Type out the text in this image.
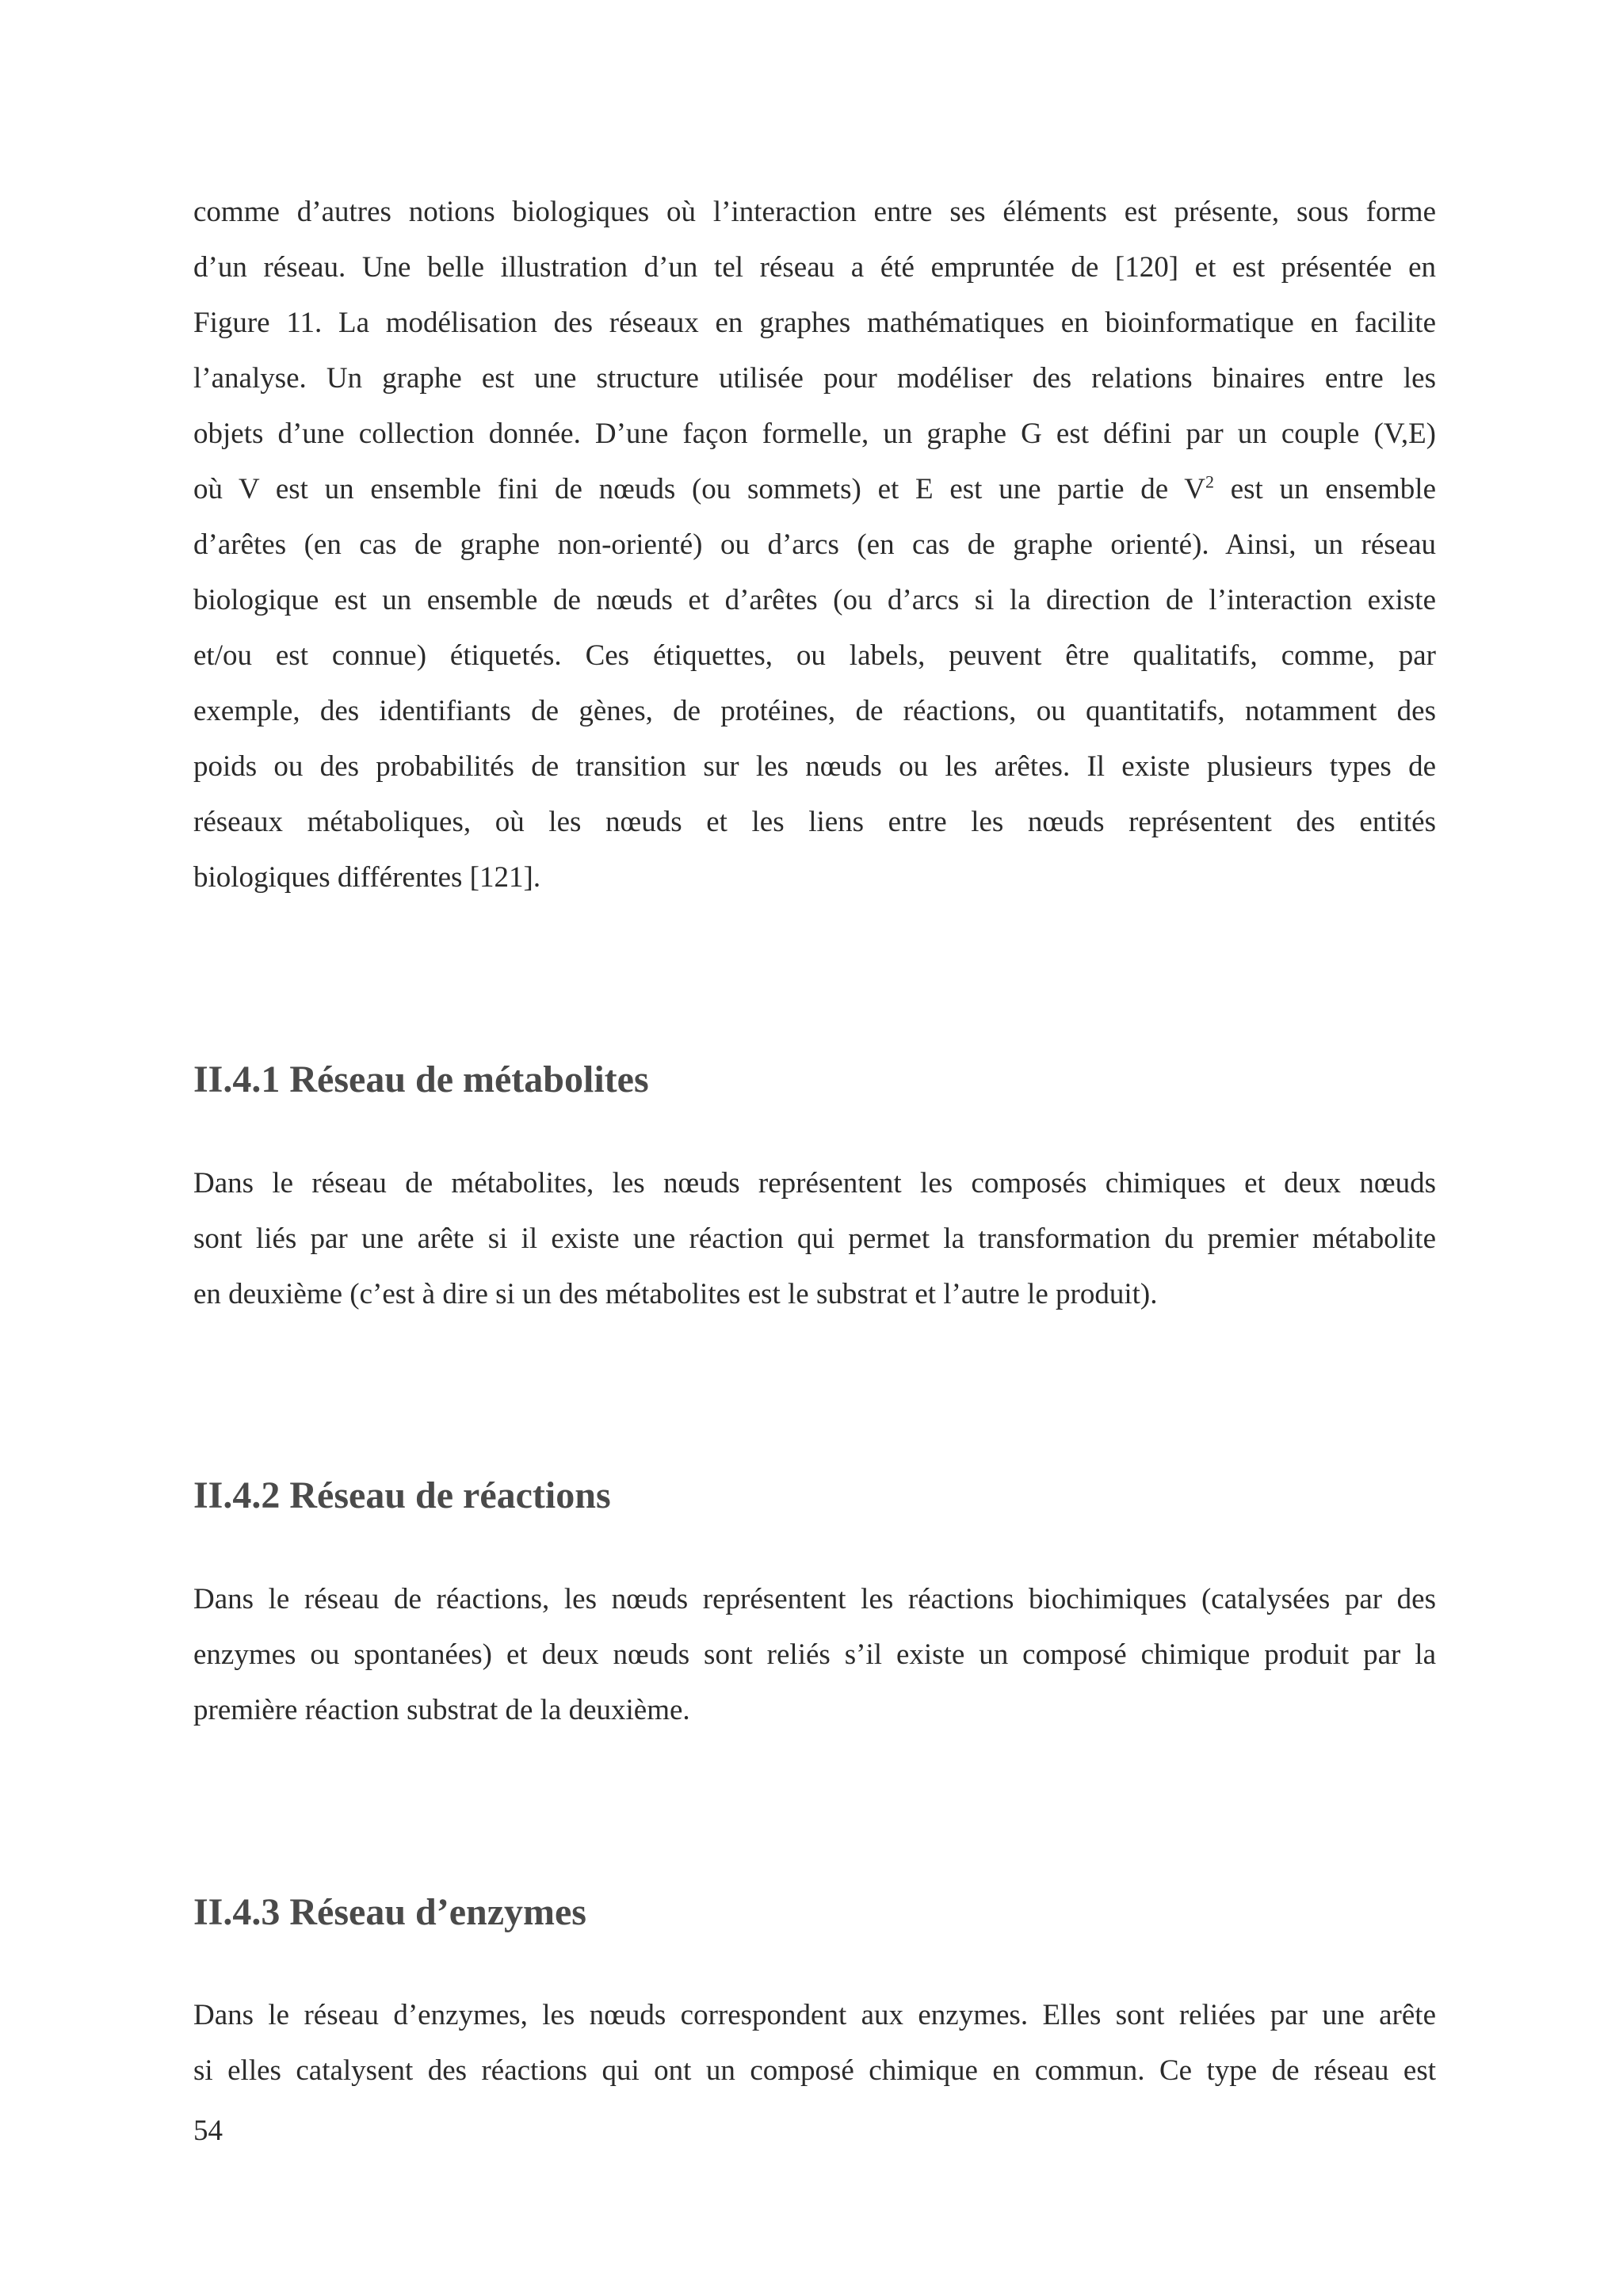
comme d’autres notions biologiques où l’interaction entre ses éléments est présente, sous forme
d’un réseau. Une belle illustration d’un tel réseau a été empruntée de [120] et est présentée en
Figure 11. La modélisation des réseaux en graphes mathématiques en bioinformatique en facilite
l’analyse. Un graphe est une structure utilisée pour modéliser des relations binaires entre les
objets d’une collection donnée. D’une façon formelle, un graphe G est défini par un couple (V,E)
où V est un ensemble fini de nœuds (ou sommets) et E est une partie de $V^2$ est un ensemble
d’arêtes (en cas de graphe non-orienté) ou d’arcs (en cas de graphe orienté). Ainsi, un réseau
biologique est un ensemble de nœuds et d’arêtes (ou d’arcs si la direction de l’interaction existe
et/ou est connue) étiquetés. Ces étiquettes, ou labels, peuvent être qualitatifs, comme, par
exemple, des identifiants de gènes, de protéines, de réactions, ou quantitatifs, notamment des
poids ou des probabilités de transition sur les nœuds ou les arêtes. Il existe plusieurs types de
réseaux métaboliques, où les nœuds et les liens entre les nœuds représentent des entités
biologiques différentes [121].
II.4.1 Réseau de métabolites
Dans le réseau de métabolites, les nœuds représentent les composés chimiques et deux nœuds
sont liés par une arête si il existe une réaction qui permet la transformation du premier métabolite
en deuxième (c’est à dire si un des métabolites est le substrat et l’autre le produit).
II.4.2 Réseau de réactions
Dans le réseau de réactions, les nœuds représentent les réactions biochimiques (catalysées par des
enzymes ou spontanées) et deux nœuds sont reliés s’il existe un composé chimique produit par la
première réaction substrat de la deuxième.
II.4.3 Réseau d’enzymes
Dans le réseau d’enzymes, les nœuds correspondent aux enzymes. Elles sont reliées par une arête
si elles catalysent des réactions qui ont un composé chimique en commun. Ce type de réseau est
54
